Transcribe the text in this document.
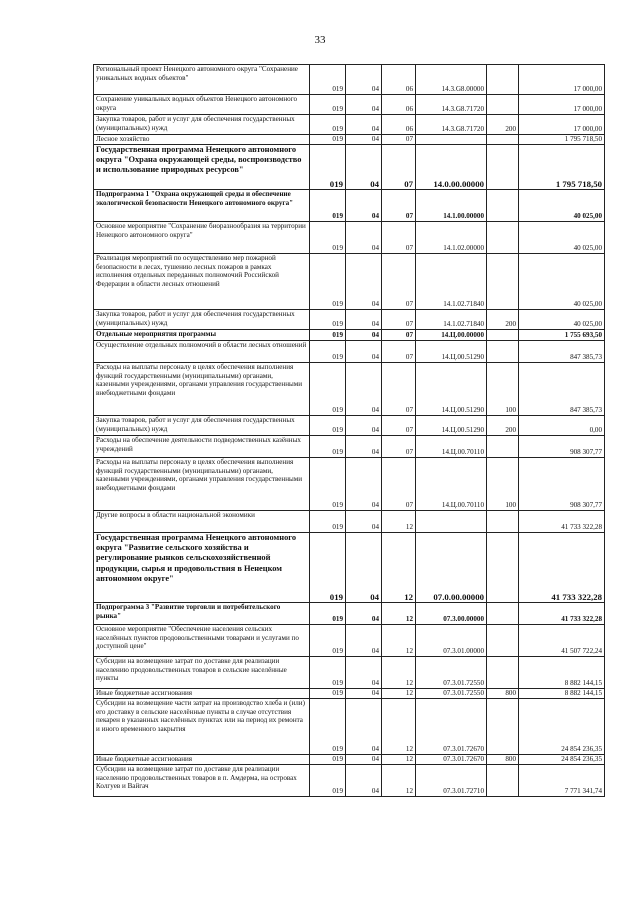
33
Региональный проект Ненецкого автономного округа "Сохранение уникальных водных объектов"	019	04	06	14.3.G8.00000		17 000,00
Сохранение уникальных водных объектов Ненецкого автономного округа	019	04	06	14.3.G8.71720		17 000,00
Закупка товаров, работ и услуг для обеспечения государственных (муниципальных) нужд	019	04	06	14.3.G8.71720	200	17 000,00
Лесное хозяйство	019	04	07			1 795 718,50
Государственная программа Ненецкого автономного округа "Охрана окружающей среды, воспроизводство и использование природных ресурсов"	019	04	07	14.0.00.00000		1 795 718,50
Подпрограмма 1 "Охрана окружающей среды и обеспечение экологической безопасности Ненецкого автономного округа"	019	04	07	14.1.00.00000		40 025,00
Основное мероприятие "Сохранение биоразнообразия на территории Ненецкого автономного округа"	019	04	07	14.1.02.00000		40 025,00
Реализация мероприятий по осуществлению мер пожарной безопасности в лесах, тушению лесных пожаров в рамках исполнения отдельных переданных полномочий Российской Федерации в области лесных отношений	019	04	07	14.1.02.71840		40 025,00
Закупка товаров, работ и услуг для обеспечения государственных (муниципальных) нужд	019	04	07	14.1.02.71840	200	40 025,00
Отдельные мероприятия программы	019	04	07	14.Ц.00.00000		1 755 693,50
Осуществление отдельных полномочий в области лесных отношений	019	04	07	14.Ц.00.51290		847 385,73
Расходы на выплаты персоналу в целях обеспечения выполнения функций государственными (муниципальными) органами, казенными учреждениями, органами управления государственными внебюджетными фондами	019	04	07	14.Ц.00.51290	100	847 385,73
Закупка товаров, работ и услуг для обеспечения государственных (муниципальных) нужд	019	04	07	14.Ц.00.51290	200	0,00
Расходы на обеспечение деятельности подведомственных казённых учреждений	019	04	07	14.Ц.00.70110		908 307,77
Расходы на выплаты персоналу в целях обеспечения выполнения функций государственными (муниципальными) органами, казенными учреждениями, органами управления государственными внебюджетными фондами	019	04	07	14.Ц.00.70110	100	908 307,77
Другие вопросы в области национальной экономики	019	04	12			41 733 322,28
Государственная программа Ненецкого автономного округа "Развитие сельского хозяйства и регулирование рынков сельскохозяйственной продукции, сырья и продовольствия в Ненецком автономном округе"	019	04	12	07.0.00.00000		41 733 322,28
Подпрограмма 3 "Развитие торговли и потребительского рынка"	019	04	12	07.3.00.00000		41 733 322,28
Основное мероприятие "Обеспечение населения сельских населённых пунктов продовольственными товарами и услугами по доступной цене"	019	04	12	07.3.01.00000		41 507 722,24
Субсидии на возмещение затрат по доставке для реализации населению продовольственных товаров в сельские населённые пункты	019	04	12	07.3.01.72550		8 882 144,15
Иные бюджетные ассигнования	019	04	12	07.3.01.72550	800	8 882 144,15
Субсидии на возмещение части затрат на производство хлеба и (или) его доставку в сельские населённые пункты в случае отсутствия пекарен в указанных населённых пунктах или на период их ремонта и иного временного закрытия	019	04	12	07.3.01.72670		24 854 236,35
Иные бюджетные ассигнования	019	04	12	07.3.01.72670	800	24 854 236,35
Субсидии на возмещение затрат по доставке для реализации населению продовольственных товаров в п. Амдерма, на островах Колгуев и Вайгач	019	04	12	07.3.01.72710		7 771 341,74
